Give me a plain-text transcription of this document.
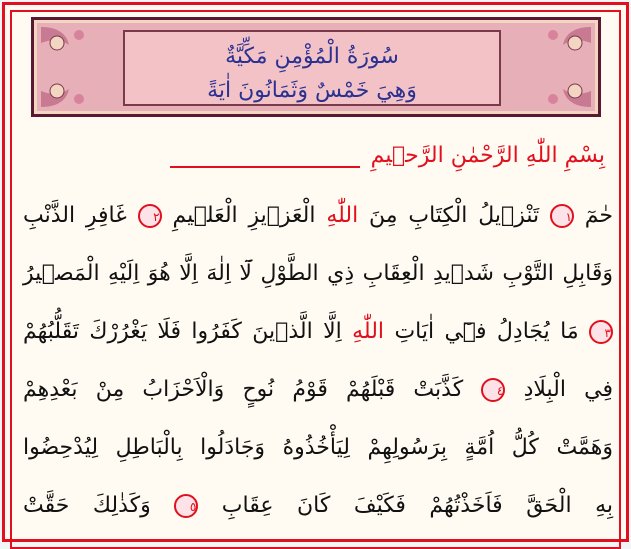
سُورَةُ الْمُؤْمِنِ مَكِّيَّةٌ
وَهِيَ خَمْسٌ وَثَمَانُونَ اٰيَةً
بِسْمِ اللّٰهِ الرَّحْمٰنِ الرَّح۪يمِ
حٰمٓ ١ تَنْز۪يلُ الْكِتَابِ مِنَ اللّٰهِ الْعَز۪يزِ الْعَل۪يمِ ٢ غَافِرِ الذَّنْبِ
وَقَابِلِ التَّوْبِ شَد۪يدِ الْعِقَابِ ذِي الطَّوْلِ لَٓا اِلٰهَ اِلَّا هُوَ اِلَيْهِ الْمَص۪يرُ
٣ مَا يُجَادِلُ ف۪ٓي اٰيَاتِ اللّٰهِ اِلَّا الَّذ۪ينَ كَفَرُوا فَلَا يَغْرُرْكَ تَقَلُّبُهُمْ
فِي الْبِلَادِ ٤ كَذَّبَتْ قَبْلَهُمْ قَوْمُ نُوحٍ وَالْاَحْزَابُ مِنْ بَعْدِهِمْ
وَهَمَّتْ كُلُّ اُمَّةٍ بِرَسُولِهِمْ لِيَأْخُذُوهُ وَجَادَلُوا بِالْبَاطِلِ لِيُدْحِضُوا
بِهِ الْحَقَّ فَاَخَذْتُهُمْ فَكَيْفَ كَانَ عِقَابِ ٥ وَكَذٰلِكَ حَقَّتْ
